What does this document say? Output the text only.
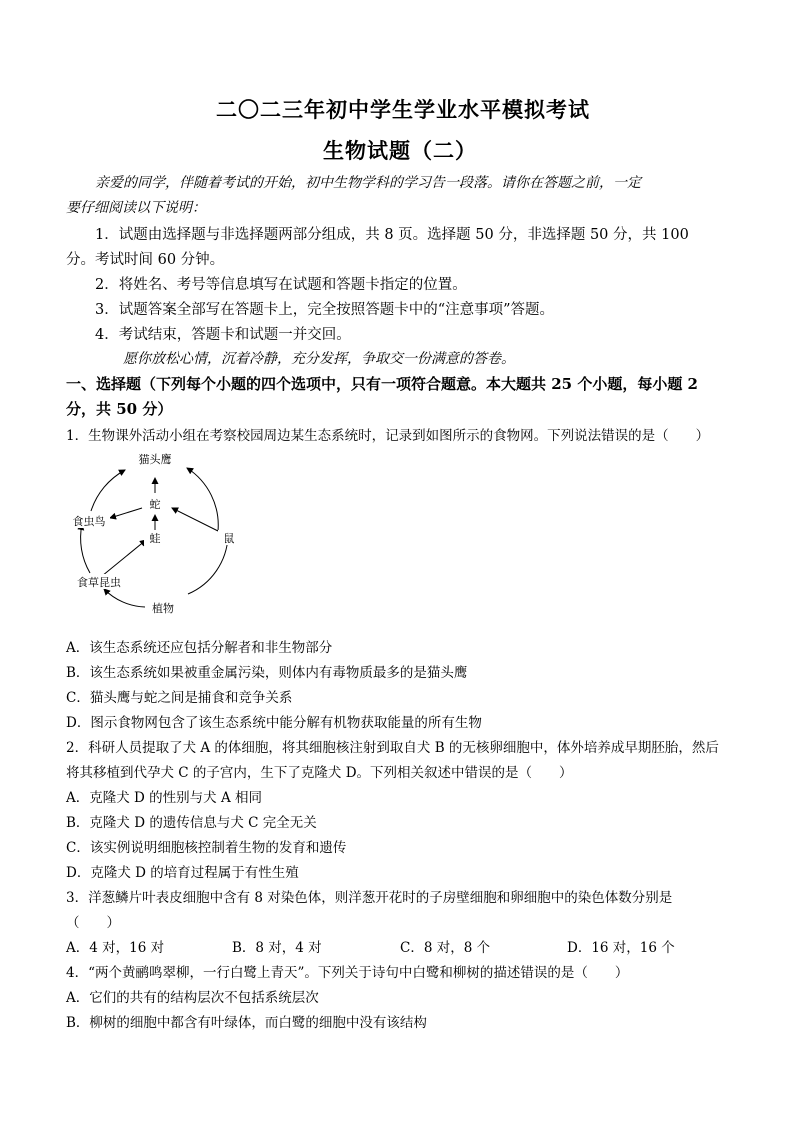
二〇二三年初中学生学业水平模拟考试
生物试题（二）
亲爱的同学，伴随着考试的开始，初中生物学科的学习告一段落。请你在答题之前，一定
要仔细阅读以下说明：
1．试题由选择题与非选择题两部分组成，共 8 页。选择题 50 分，非选择题 50 分，共 100
分。考试时间 60 分钟。
2．将姓名、考号等信息填写在试题和答题卡指定的位置。
3．试题答案全部写在答题卡上，完全按照答题卡中的“注意事项”答题。
4．考试结束，答题卡和试题一并交回。
愿你放松心情，沉着冷静，充分发挥，争取交一份满意的答卷。
一、选择题（下列每个小题的四个选项中，只有一项符合题意。本大题共 25 个小题，每小题 2
分，共 50 分）
1．生物课外活动小组在考察校园周边某生态系统时，记录到如图所示的食物网。下列说法错误的是（　　）
猫头鹰
蛇
食虫鸟
蛙	鼠
食草昆虫
植物
A．该生态系统还应包括分解者和非生物部分
B．该生态系统如果被重金属污染，则体内有毒物质最多的是猫头鹰
C．猫头鹰与蛇之间是捕食和竞争关系
D．图示食物网包含了该生态系统中能分解有机物获取能量的所有生物
2．科研人员提取了犬 A 的体细胞，将其细胞核注射到取自犬 B 的无核卵细胞中，体外培养成早期胚胎，然后
将其移植到代孕犬 C 的子宫内，生下了克隆犬 D。下列相关叙述中错误的是（　　）
A．克隆犬 D 的性别与犬 A 相同
B．克隆犬 D 的遗传信息与犬 C 完全无关
C．该实例说明细胞核控制着生物的发育和遗传
D．克隆犬 D 的培育过程属于有性生殖
3．洋葱鳞片叶表皮细胞中含有 8 对染色体，则洋葱开花时的子房壁细胞和卵细胞中的染色体数分别是
（　　）
A．4 对，16 对	B．8 对，4 对	C．8 对，8 个	D．16 对，16 个
4．“两个黄鹂鸣翠柳，一行白鹭上青天”。下列关于诗句中白鹭和柳树的描述错误的是（　　）
A．它们的共有的结构层次不包括系统层次
B．柳树的细胞中都含有叶绿体，而白鹭的细胞中没有该结构
